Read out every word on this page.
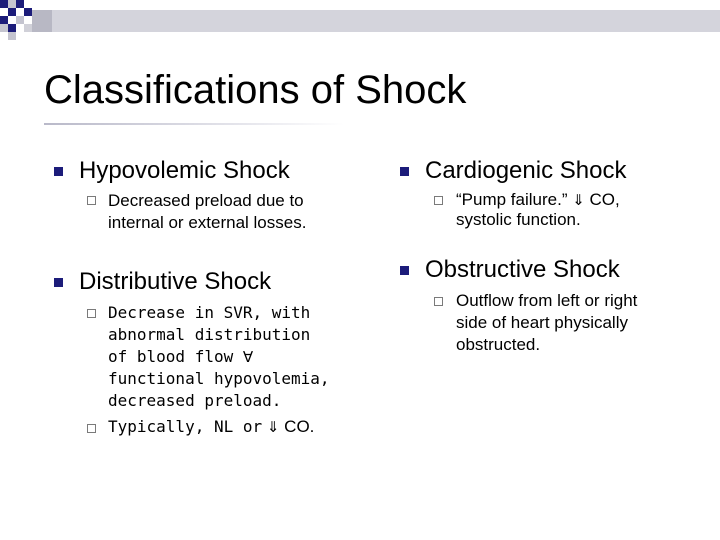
Classifications of Shock
Hypovolemic Shock
Decreased preload due to
internal or external losses.
Distributive Shock
Decrease in SVR, with
abnormal distribution
of blood flow ∀
functional hypovolemia,
decreased preload.
Typically, NL or ⇓ CO.
Cardiogenic Shock
“Pump failure.” ⇓ CO,
systolic function.
Obstructive Shock
Outflow from left or right
side of heart physically
obstructed.
